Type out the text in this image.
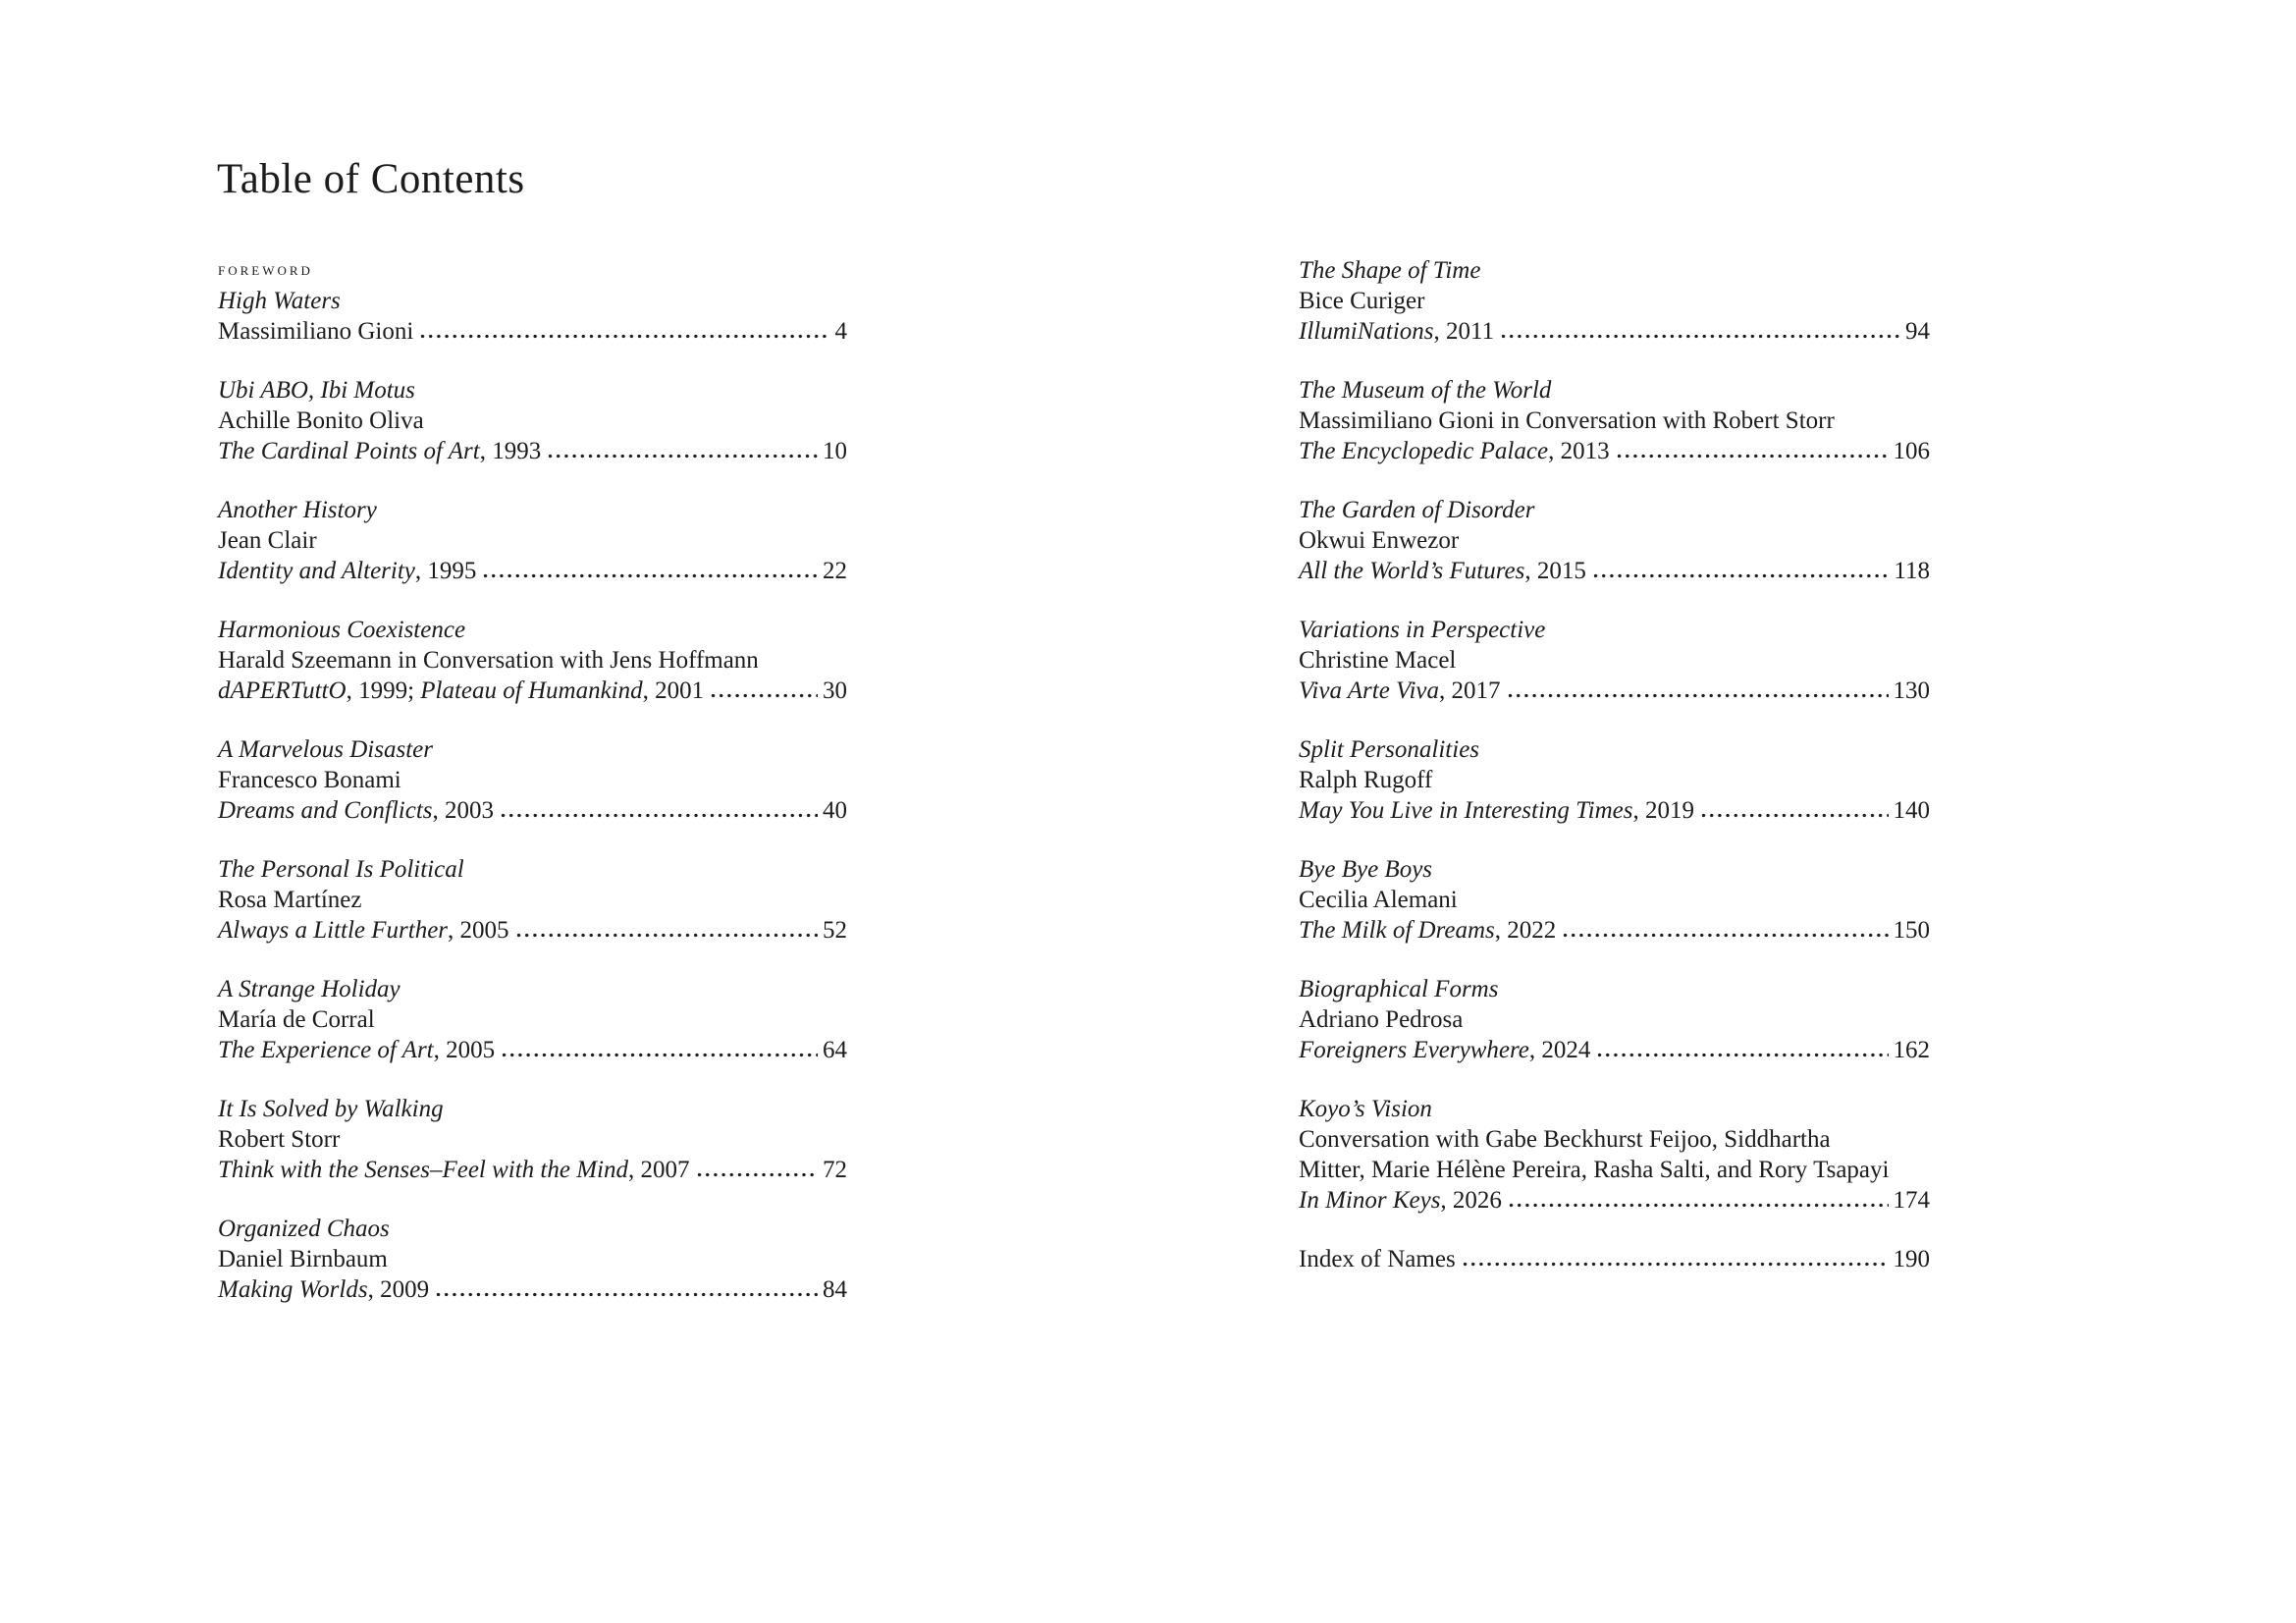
Table of Contents
foreword
High Waters
Massimiliano Gioni	4
Ubi ABO, Ibi Motus
Achille Bonito Oliva
The Cardinal Points of Art, 1993	10
Another History
Jean Clair
Identity and Alterity, 1995	22
Harmonious Coexistence
Harald Szeemann in Conversation with Jens Hoffmann
dAPERTuttO, 1999; Plateau of Humankind, 2001	30
A Marvelous Disaster
Francesco Bonami
Dreams and Conflicts, 2003	40
The Personal Is Political
Rosa Martínez
Always a Little Further, 2005	52
A Strange Holiday
María de Corral
The Experience of Art, 2005	64
It Is Solved by Walking
Robert Storr
Think with the Senses–Feel with the Mind, 2007	72
Organized Chaos
Daniel Birnbaum
Making Worlds, 2009	84
The Shape of Time
Bice Curiger
IllumiNations, 2011	94
The Museum of the World
Massimiliano Gioni in Conversation with Robert Storr
The Encyclopedic Palace, 2013	106
The Garden of Disorder
Okwui Enwezor
All the World’s Futures, 2015	118
Variations in Perspective
Christine Macel
Viva Arte Viva, 2017	130
Split Personalities
Ralph Rugoff
May You Live in Interesting Times, 2019	140
Bye Bye Boys
Cecilia Alemani
The Milk of Dreams, 2022	150
Biographical Forms
Adriano Pedrosa
Foreigners Everywhere, 2024	162
Koyo’s Vision
Conversation with Gabe Beckhurst Feijoo, Siddhartha
Mitter, Marie Hélène Pereira, Rasha Salti, and Rory Tsapayi
In Minor Keys, 2026	174
Index of Names	190
